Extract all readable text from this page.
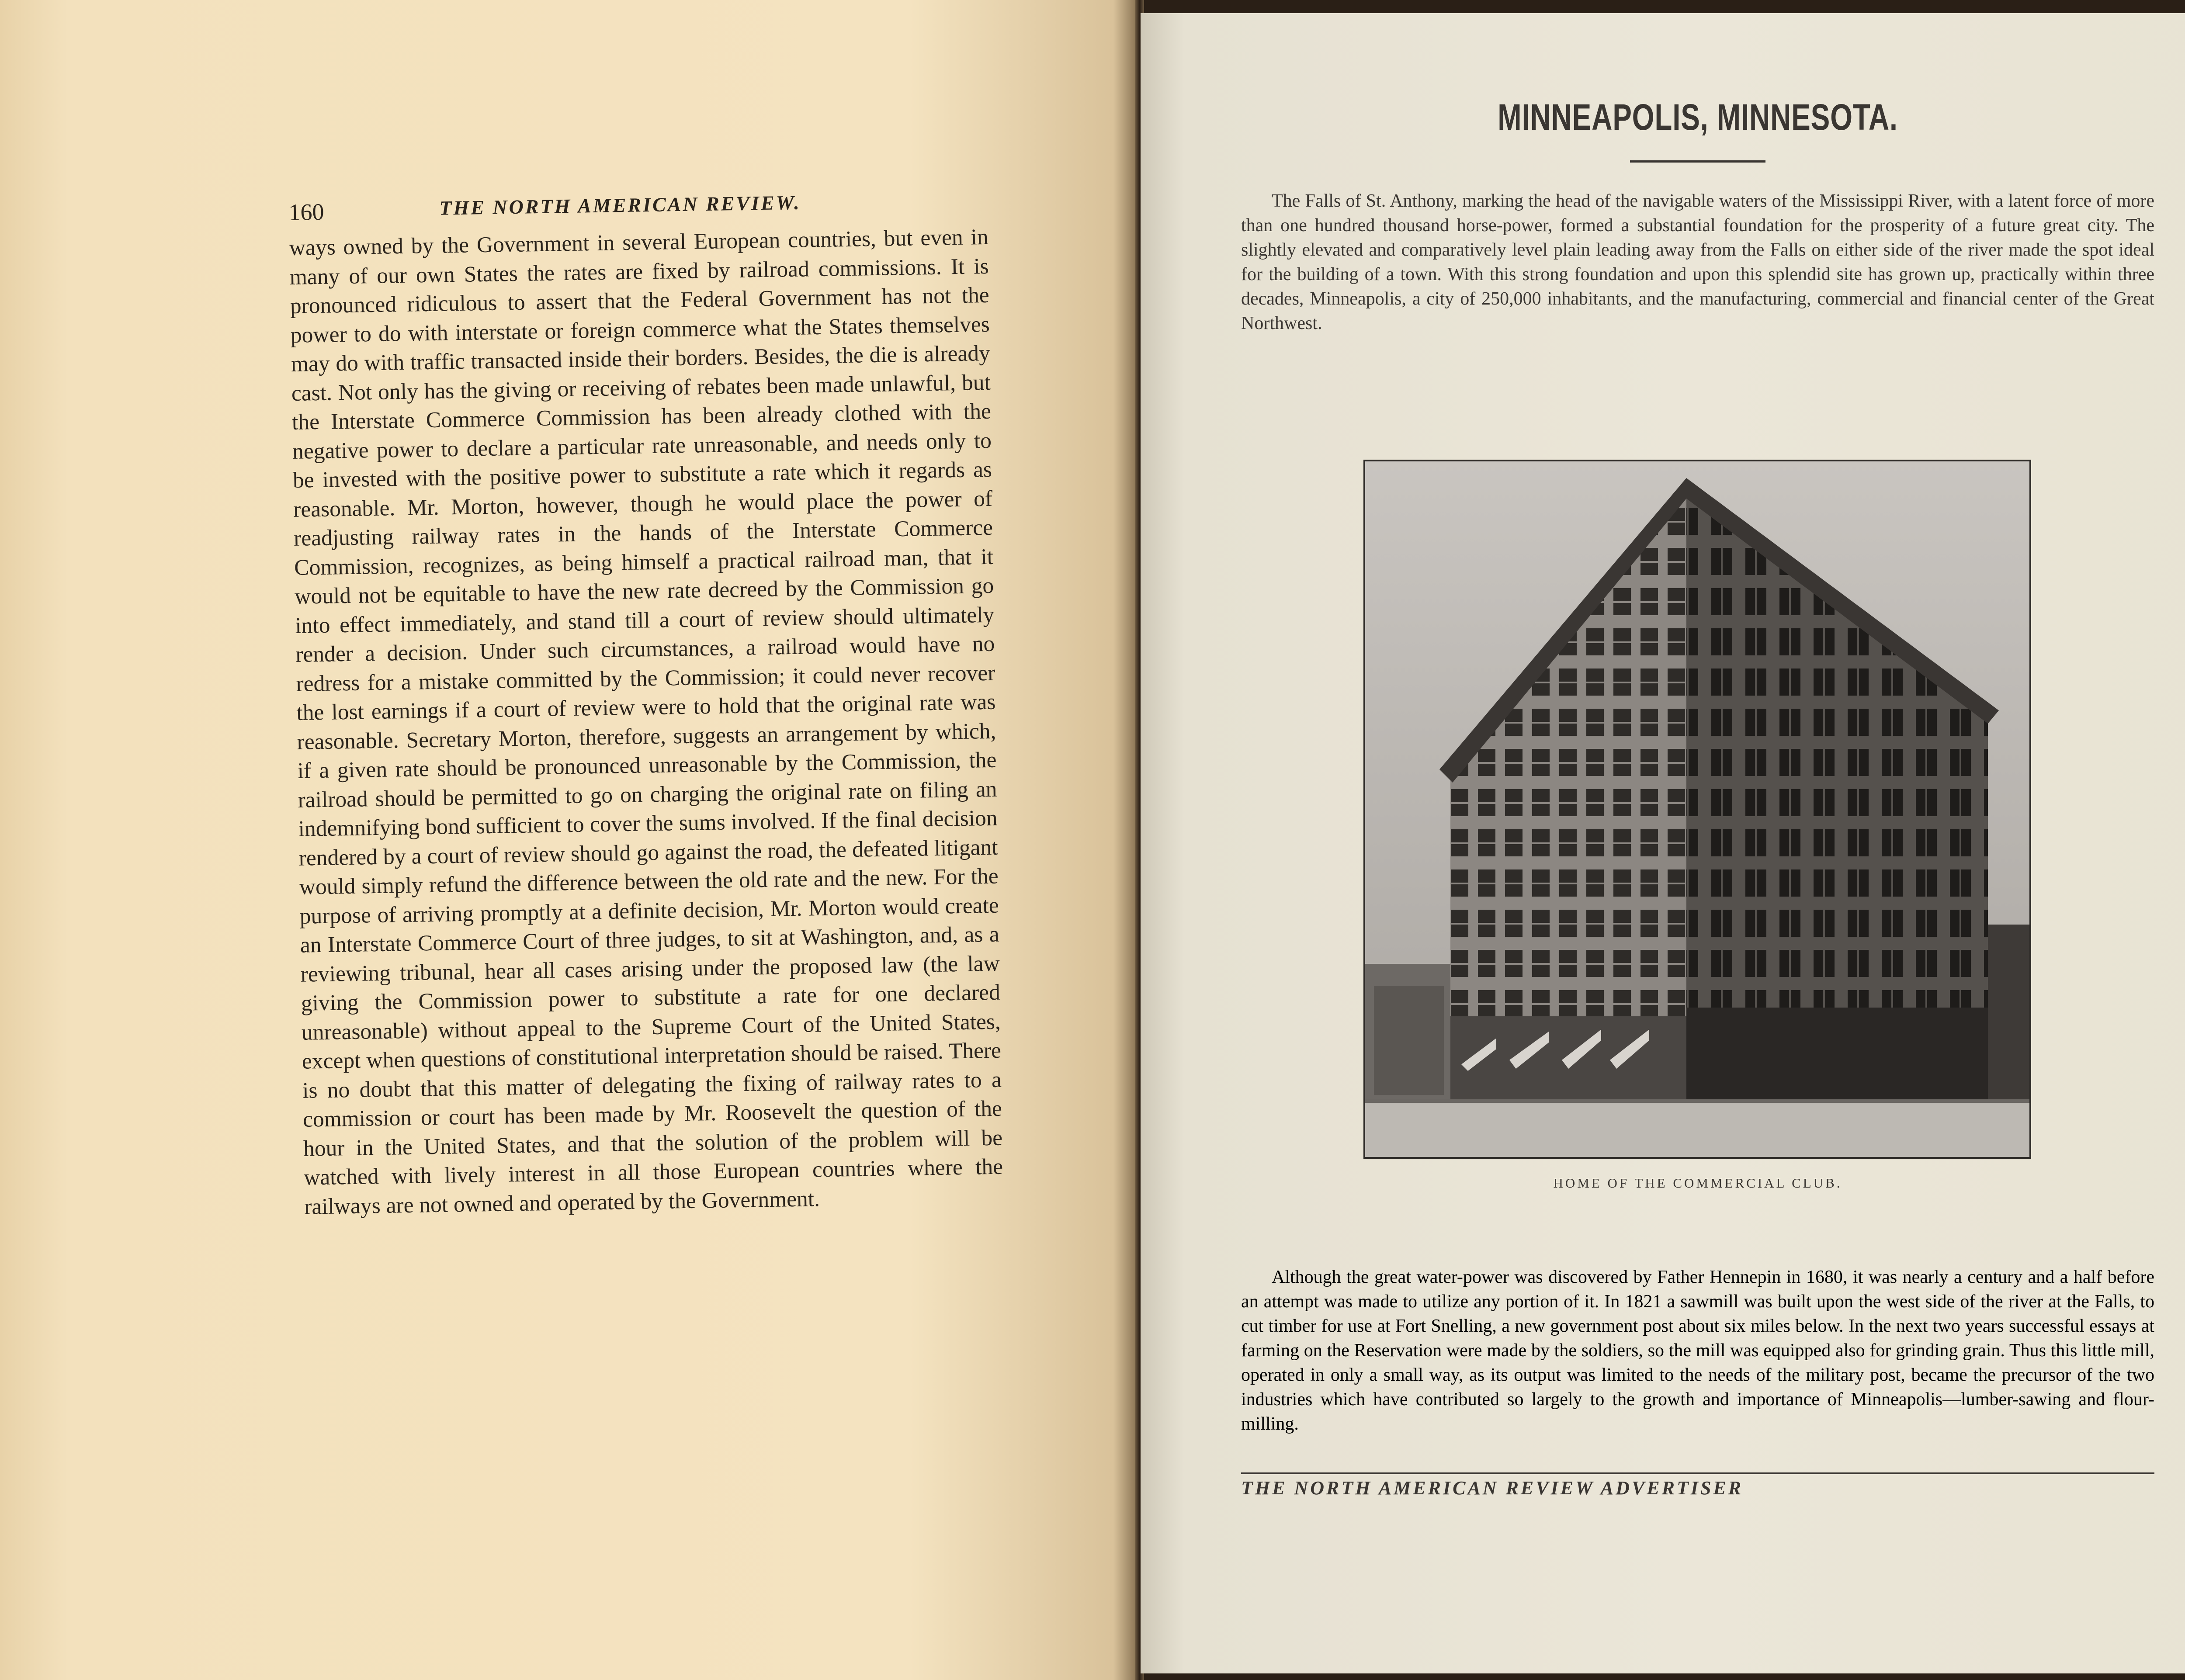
160	THE NORTH AMERICAN REVIEW.

ways owned by the Government in several European countries, but even in many of our own States the rates are fixed by railroad commissions. It is pronounced ridiculous to assert that the Federal Government has not the power to do with interstate or foreign commerce what the States themselves may do with traffic transacted inside their borders. Besides, the die is already cast. Not only has the giving or receiving of rebates been made unlawful, but the Interstate Commerce Commission has been already clothed with the negative power to declare a particular rate unreasonable, and needs only to be invested with the positive power to substitute a rate which it regards as reasonable. Mr. Morton, however, though he would place the power of readjusting railway rates in the hands of the Interstate Commerce Commission, recognizes, as being himself a practical railroad man, that it would not be equitable to have the new rate decreed by the Commission go into effect immediately, and stand till a court of review should ultimately render a decision. Under such circumstances, a railroad would have no redress for a mistake committed by the Commission; it could never recover the lost earnings if a court of review were to hold that the original rate was reasonable. Secretary Morton, therefore, suggests an arrangement by which, if a given rate should be pronounced unreasonable by the Commission, the railroad should be permitted to go on charging the original rate on filing an indemnifying bond sufficient to cover the sums involved. If the final decision rendered by a court of review should go against the road, the defeated litigant would simply refund the difference between the old rate and the new. For the purpose of arriving promptly at a definite decision, Mr. Morton would create an Interstate Commerce Court of three judges, to sit at Washington, and, as a reviewing tribunal, hear all cases arising under the proposed law (the law giving the Commission power to substitute a rate for one declared unreasonable) without appeal to the Supreme Court of the United States, except when questions of constitutional interpretation should be raised. There is no doubt that this matter of delegating the fixing of railway rates to a commission or court has been made by Mr. Roosevelt the question of the hour in the United States, and that the solution of the problem will be watched with lively interest in all those European countries where the railways are not owned and operated by the Government.

MINNEAPOLIS, MINNESOTA.

The Falls of St. Anthony, marking the head of the navigable waters of the Mississippi River, with a latent force of more than one hundred thousand horse-power, formed a substantial foundation for the prosperity of a future great city. The slightly elevated and comparatively level plain leading away from the Falls on either side of the river made the spot ideal for the building of a town. With this strong foundation and upon this splendid site has grown up, practically within three decades, Minneapolis, a city of 250,000 inhabitants, and the manufacturing, commercial and financial center of the Great Northwest.

HOME OF THE COMMERCIAL CLUB.

Although the great water-power was discovered by Father Hennepin in 1680, it was nearly a century and a half before an attempt was made to utilize any portion of it. In 1821 a sawmill was built upon the west side of the river at the Falls, to cut timber for use at Fort Snelling, a new government post about six miles below. In the next two years successful essays at farming on the Reservation were made by the soldiers, so the mill was equipped also for grinding grain. Thus this little mill, operated in only a small way, as its output was limited to the needs of the military post, became the precursor of the two industries which have contributed so largely to the growth and importance of Minneapolis—lumber-sawing and flour-milling.

THE NORTH AMERICAN REVIEW ADVERTISER
